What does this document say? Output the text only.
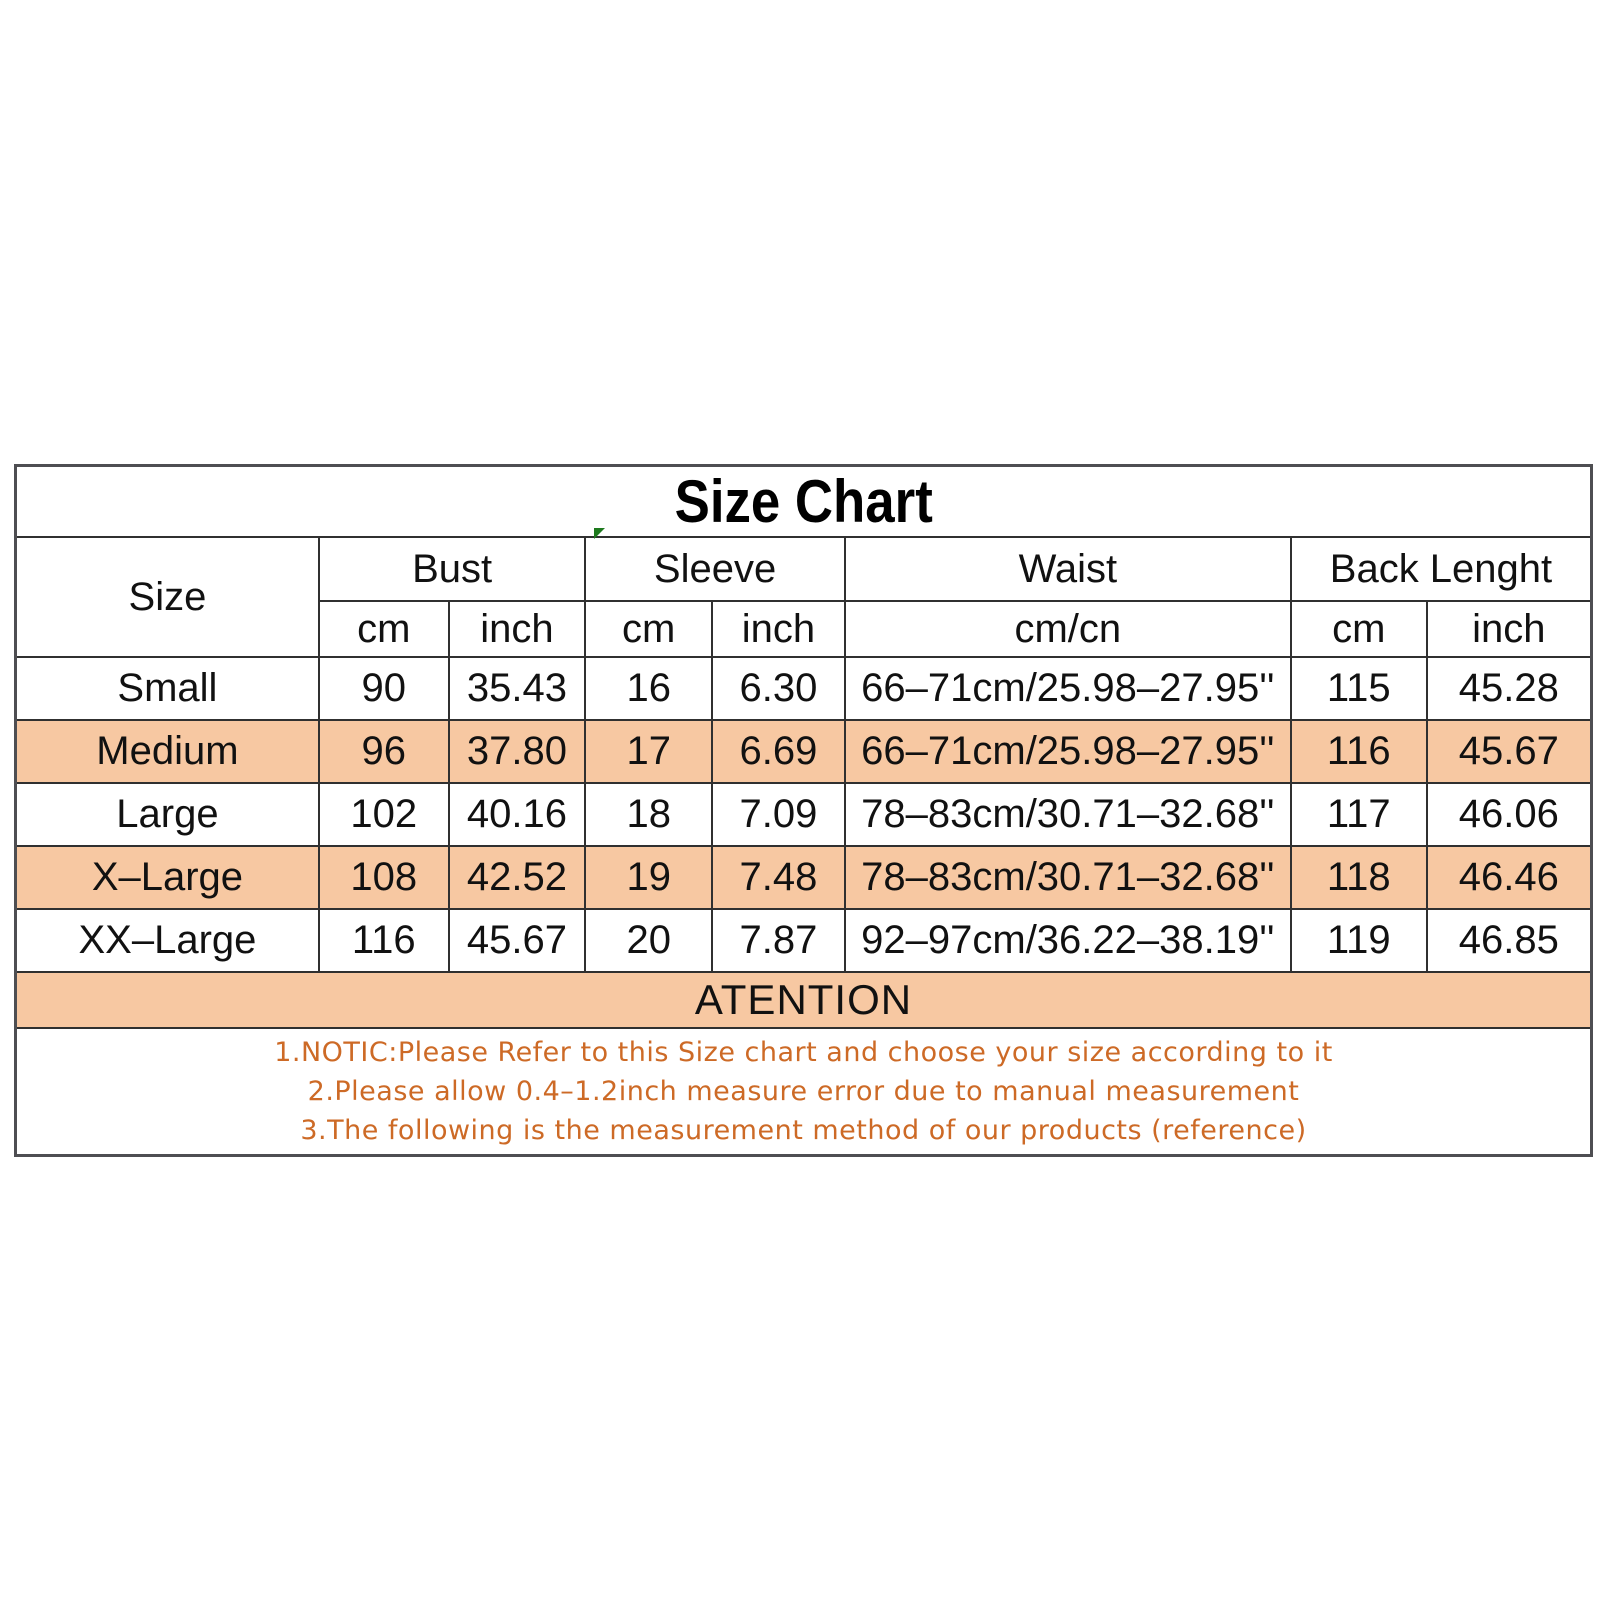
Size Chart							
Size	Bust		Sleeve		Waist	Back Lenght	
	cm	inch	cm	inch	cm/cn	cm	inch
Small	90	35.43	16	6.30	66–71cm/25.98–27.95''	115	45.28
Medium	96	37.80	17	6.69	66–71cm/25.98–27.95''	116	45.67
Large	102	40.16	18	7.09	78–83cm/30.71–32.68''	117	46.06
X–Large	108	42.52	19	7.48	78–83cm/30.71–32.68''	118	46.46
XX–Large	116	45.67	20	7.87	92–97cm/36.22–38.19''	119	46.85
ATENTION							

1.NOTIC:Please Refer to this Size chart and choose your size according to it
2.Please allow 0.4–1.2inch measure error due to manual measurement
3.The following is the measurement method of our products (reference)							
